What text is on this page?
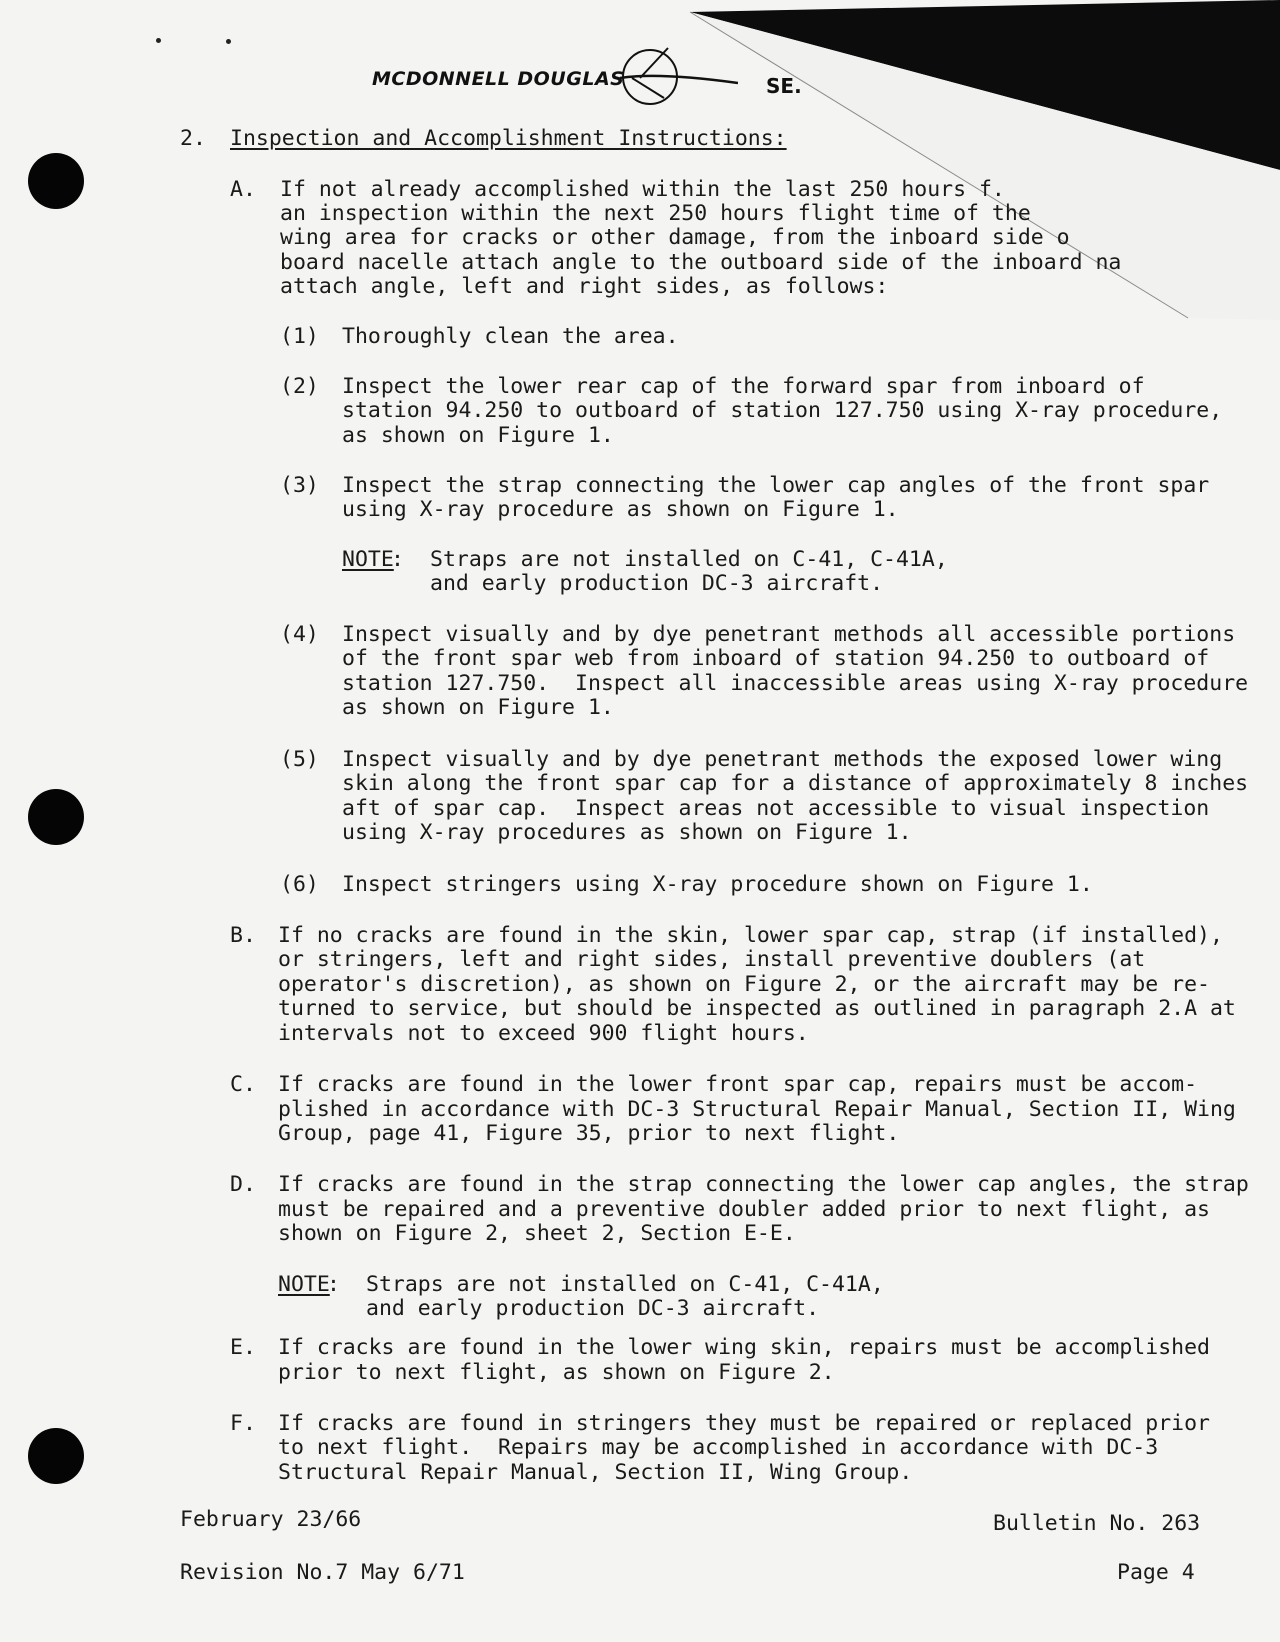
MCDONNELL DOUGLAS	SE.
2. Inspection and Accomplishment Instructions:
A. If not already accomplished within the last 250 hours f.
an inspection within the next 250 hours flight time of the
wing area for cracks or other damage, from the inboard side o
board nacelle attach angle to the outboard side of the inboard na
attach angle, left and right sides, as follows:
(1) Thoroughly clean the area.
(2) Inspect the lower rear cap of the forward spar from inboard of
station 94.250 to outboard of station 127.750 using X-ray procedure,
as shown on Figure 1.
(3) Inspect the strap connecting the lower cap angles of the front spar
using X-ray procedure as shown on Figure 1.
NOTE
: Straps are not installed on C-41, C-41A,
and early production DC-3 aircraft.
(4) Inspect visually and by dye penetrant methods all accessible portions
of the front spar web from inboard of station 94.250 to outboard of
station 127.750.  Inspect all inaccessible areas using X-ray procedure
as shown on Figure 1.
(5) Inspect visually and by dye penetrant methods the exposed lower wing
skin along the front spar cap for a distance of approximately 8 inches
aft of spar cap.  Inspect areas not accessible to visual inspection
using X-ray procedures as shown on Figure 1.
(6) Inspect stringers using X-ray procedure shown on Figure 1.
B. If no cracks are found in the skin, lower spar cap, strap (if installed),
or stringers, left and right sides, install preventive doublers (at
operator's discretion), as shown on Figure 2, or the aircraft may be re-
turned to service, but should be inspected as outlined in paragraph 2.A at
intervals not to exceed 900 flight hours.
C. If cracks are found in the lower front spar cap, repairs must be accom-
plished in accordance with DC-3 Structural Repair Manual, Section II, Wing
Group, page 41, Figure 35, prior to next flight.
D. If cracks are found in the strap connecting the lower cap angles, the strap
must be repaired and a preventive doubler added prior to next flight, as
shown on Figure 2, sheet 2, Section E-E.
NOTE
: Straps are not installed on C-41, C-41A,
and early production DC-3 aircraft.
E. If cracks are found in the lower wing skin, repairs must be accomplished
prior to next flight, as shown on Figure 2.
F. If cracks are found in stringers they must be repaired or replaced prior
to next flight.  Repairs may be accomplished in accordance with DC-3
Structural Repair Manual, Section II, Wing Group.
February 23/66	Bulletin No. 263
Revision No.7 May 6/71	Page 4
